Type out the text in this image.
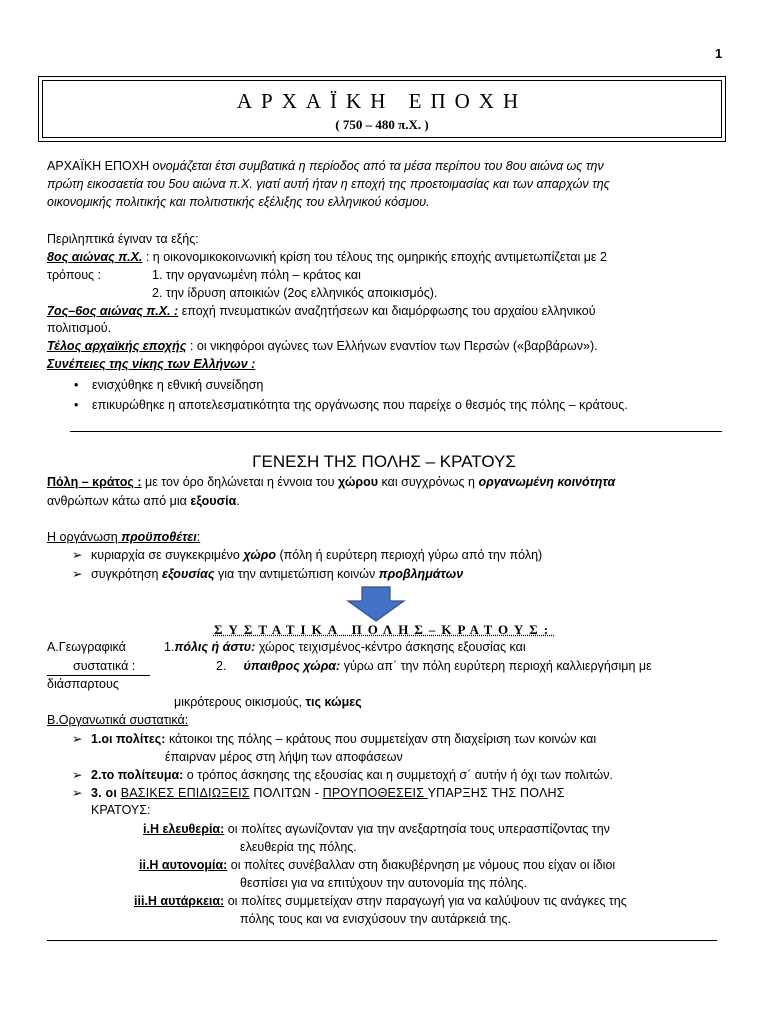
1
ΑΡΧΑΪΚΗ ΕΠΟΧΗ
( 750 – 480 π.Χ. )
ΑΡΧΑΪΚΗ ΕΠΟΧΗ ονομάζεται έτσι συμβατικά η περίοδος από τα μέσα περίπου του 8ου αιώνα ως την
πρώτη εικοσαετία του 5ου αιώνα π.Χ. γιατί αυτή ήταν η εποχή της προετοιμασίας και των απαρχών της
οικονομικής πολιτικής και πολιτιστικής εξέλιξης του ελληνικού κόσμου.
Περιληπτικά έγιναν τα εξής:
8ος αιώνας π.Χ. : η οικονομικοκοινωνική κρίση του τέλους της ομηρικής εποχής αντιμετωπίζεται με 2
τρόπους :	1. την οργανωμένη πόλη – κράτος και
2. την ίδρυση αποικιών (2ος ελληνικός αποικισμός).
7ος–6ος αιώνας π.Χ. : εποχή πνευματικών αναζητήσεων και διαμόρφωσης του αρχαίου ελληνικού
πολιτισμού.
Τέλος αρχαϊκής εποχής : οι νικηφόροι αγώνες των Ελλήνων εναντίον των Περσών («βαρβάρων»).
Συνέπειες της νίκης των Ελλήνων :
• ενισχύθηκε η εθνική συνείδηση
• επικυρώθηκε η αποτελεσματικότητα της οργάνωσης που παρείχε ο θεσμός της πόλης – κράτους.
ΓΕΝΕΣΗ ΤΗΣ ΠΟΛΗΣ – ΚΡΑΤΟΥΣ
Πόλη – κράτος : με τον όρο δηλώνεται η έννοια του χώρου και συγχρόνως η οργανωμένη κοινότητα
ανθρώπων κάτω από μια εξουσία.
Η οργάνωση προϋποθέτει:
➢ κυριαρχία σε συγκεκριμένο χώρο (πόλη ή ευρύτερη περιοχή γύρω από την πόλη)
➢ συγκρότηση εξουσίας για την αντιμετώπιση κοινών προβλημάτων
ΣΥΣΤΑΤΙΚΑ ΠΟΛΗΣ–ΚΡΑΤΟΥΣ:
Α.Γεωγραφικά
συστατικά :
1.πόλις ή άστυ: χώρος τειχισμένος-κέντρο άσκησης εξουσίας και
2. ύπαιθρος χώρα: γύρω απ΄ την πόλη ευρύτερη περιοχή καλλιεργήσιμη με
διάσπαρτους
μικρότερους οικισμούς, τις κώμες
Β.Οργανωτικά συστατικά:
➢ 1.οι πολίτες: κάτοικοι της πόλης – κράτους που συμμετείχαν στη διαχείριση των κοινών και
έπαιρναν μέρος στη λήψη των αποφάσεων
➢ 2.το πολίτευμα: ο τρόπος άσκησης της εξουσίας και η συμμετοχή σ΄ αυτήν ή όχι των πολιτών.
➢ 3. οι ΒΑΣΙΚΕΣ ΕΠΙΔΙΩΞΕΙΣ ΠΟΛΙΤΩΝ - ΠΡΟΥΠΟΘΕΣΕΙΣ ΥΠΑΡΞΗΣ ΤΗΣ ΠΟΛΗΣ
ΚΡΑΤΟΥΣ:
i.Η ελευθερία: οι πολίτες αγωνίζονταν για την ανεξαρτησία τους υπερασπίζοντας την
ελευθερία της πόλης.
ii.Η αυτονομία: οι πολίτες συνέβαλλαν στη διακυβέρνηση με νόμους που είχαν οι ίδιοι
θεσπίσει για να επιτύχουν την αυτονομία της πόλης.
iii.Η αυτάρκεια: οι πολίτες συμμετείχαν στην παραγωγή για να καλύψουν τις ανάγκες της
πόλης τους και να ενισχύσουν την αυτάρκειά της.
